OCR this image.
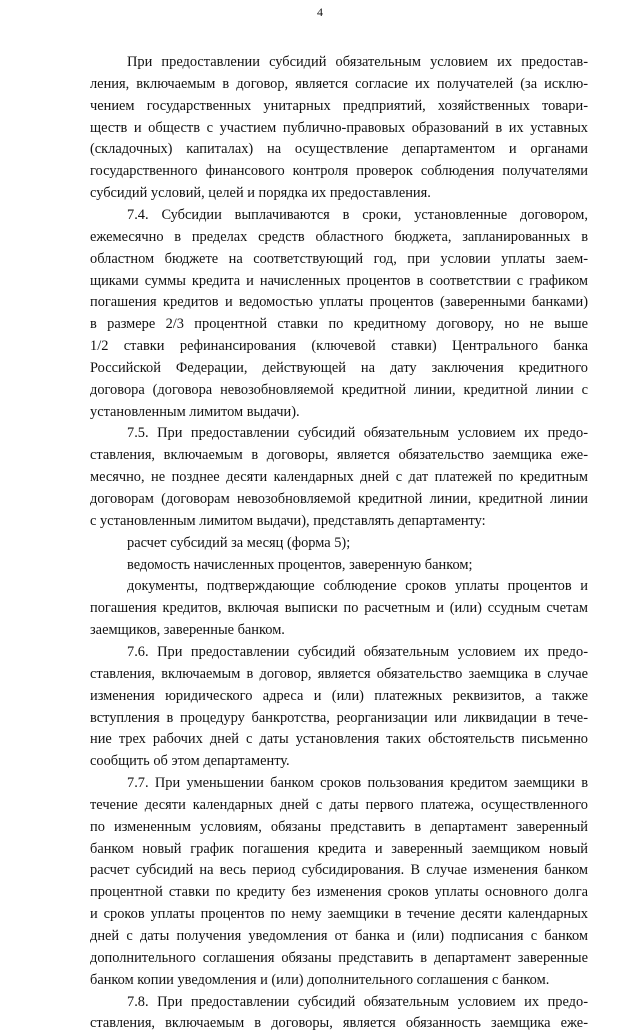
4
При предоставлении субсидий обязательным условием их предостав-
ления, включаемым в договор, является согласие их получателей (за исклю-
чением государственных унитарных предприятий, хозяйственных товари-
ществ и обществ с участием публично-правовых образований в их уставных
(складочных) капиталах) на осуществление департаментом и органами
государственного финансового контроля проверок соблюдения получателями
субсидий условий, целей и порядка их предоставления.
7.4. Субсидии выплачиваются в сроки, установленные договором,
ежемесячно в пределах средств областного бюджета, запланированных в
областном бюджете на соответствующий год, при условии уплаты заем-
щиками суммы кредита и начисленных процентов в соответствии с графиком
погашения кредитов и ведомостью уплаты процентов (заверенными банками)
в размере 2/3 процентной ставки по кредитному договору, но не выше
1/2 ставки рефинансирования (ключевой ставки) Центрального банка
Российской Федерации, действующей на дату заключения кредитного
договора (договора невозобновляемой кредитной линии, кредитной линии с
установленным лимитом выдачи).
7.5. При предоставлении субсидий обязательным условием их предо-
ставления, включаемым в договоры, является обязательство заемщика еже-
месячно, не позднее десяти календарных дней с дат платежей по кредитным
договорам (договорам невозобновляемой кредитной линии, кредитной линии
с установленным лимитом выдачи), представлять департаменту:
расчет субсидий за месяц (форма 5);
ведомость начисленных процентов, заверенную банком;
документы, подтверждающие соблюдение сроков уплаты процентов и
погашения кредитов, включая выписки по расчетным и (или) ссудным счетам
заемщиков, заверенные банком.
7.6. При предоставлении субсидий обязательным условием их предо-
ставления, включаемым в договор, является обязательство заемщика в случае
изменения юридического адреса и (или) платежных реквизитов, а также
вступления в процедуру банкротства, реорганизации или ликвидации в тече-
ние трех рабочих дней с даты установления таких обстоятельств письменно
сообщить об этом департаменту.
7.7. При уменьшении банком сроков пользования кредитом заемщики в
течение десяти календарных дней с даты первого платежа, осуществленного
по измененным условиям, обязаны представить в департамент заверенный
банком новый график погашения кредита и заверенный заемщиком новый
расчет субсидий на весь период субсидирования. В случае изменения банком
процентной ставки по кредиту без изменения сроков уплаты основного долга
и сроков уплаты процентов по нему заемщики в течение десяти календарных
дней с даты получения уведомления от банка и (или) подписания с банком
дополнительного соглашения обязаны представить в департамент заверенные
банком копии уведомления и (или) дополнительного соглашения с банком.
7.8. При предоставлении субсидий обязательным условием их предо-
ставления, включаемым в договоры, является обязанность заемщика еже-
